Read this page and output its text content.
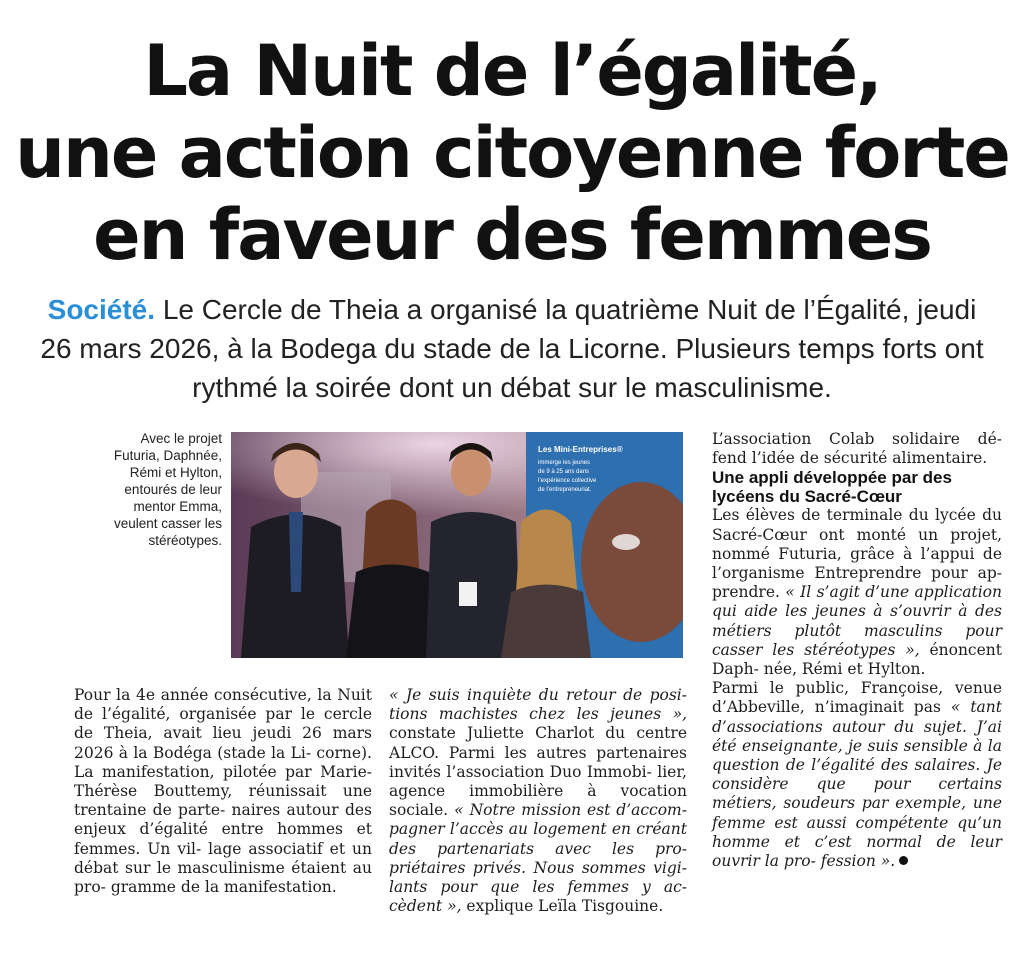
La Nuit de l’égalité,
une action citoyenne forte
en faveur des femmes
Société. Le Cercle de Theia a organisé la quatrième Nuit de l’Égalité, jeudi 26 mars 2026, à la Bodega du stade de la Licorne. Plusieurs temps forts ont rythmé la soirée dont un débat sur le masculinisme.
Avec le projet Futuria, Daphnée, Rémi et Hylton, entourés de leur mentor Emma, veulent casser les stéréotypes.
Les Mini-Entreprises®
immerge les jeunes
de 9 à 25 ans dans
l’expérience collective
de l’entrepreneuriat.

Pour la 4e année consécutive, la Nuit de l’égalité, organisée par le cercle de Theia, avait lieu jeudi 26 mars 2026 à la Bodéga (stade la Li- corne). La manifestation, pilotée par Marie-Thérèse Bouttemy, réunissait une trentaine de parte- naires autour des enjeux d’égalité entre hommes et femmes. Un vil- lage associatif et un débat sur le masculinisme étaient au pro- gramme de la manifestation.

« Je suis inquiète du retour de posi- tions machistes chez les jeunes », constate Juliette Charlot du centre ALCO. Parmi les autres partenaires invités l’association Duo Immobi- lier, agence immobilière à vocation sociale. « Notre mission est d’accom- pagner l’accès au logement en créant des partenariats avec les pro- priétaires privés. Nous sommes vigi- lants pour que les femmes y ac- cèdent », explique Leïla Tisgouine.

L’association Colab solidaire dé- fend l’idée de sécurité alimentaire.

Une appli développée par des lycéens du Sacré-Cœur

Les élèves de terminale du lycée du Sacré-Cœur ont monté un projet, nommé Futuria, grâce à l’appui de l’organisme Entreprendre pour ap- prendre. « Il s’agit d’une application qui aide les jeunes à s’ouvrir à des métiers plutôt masculins pour casser les stéréotypes », énoncent Daph- née, Rémi et Hylton.

Parmi le public, Françoise, venue d’Abbeville, n’imaginait pas « tant d’associations autour du sujet. J’ai été enseignante, je suis sensible à la question de l’égalité des salaires. Je considère que pour certains métiers, soudeurs par exemple, une femme est aussi compétente qu’un homme et c’est normal de leur ouvrir la pro- fession ».
